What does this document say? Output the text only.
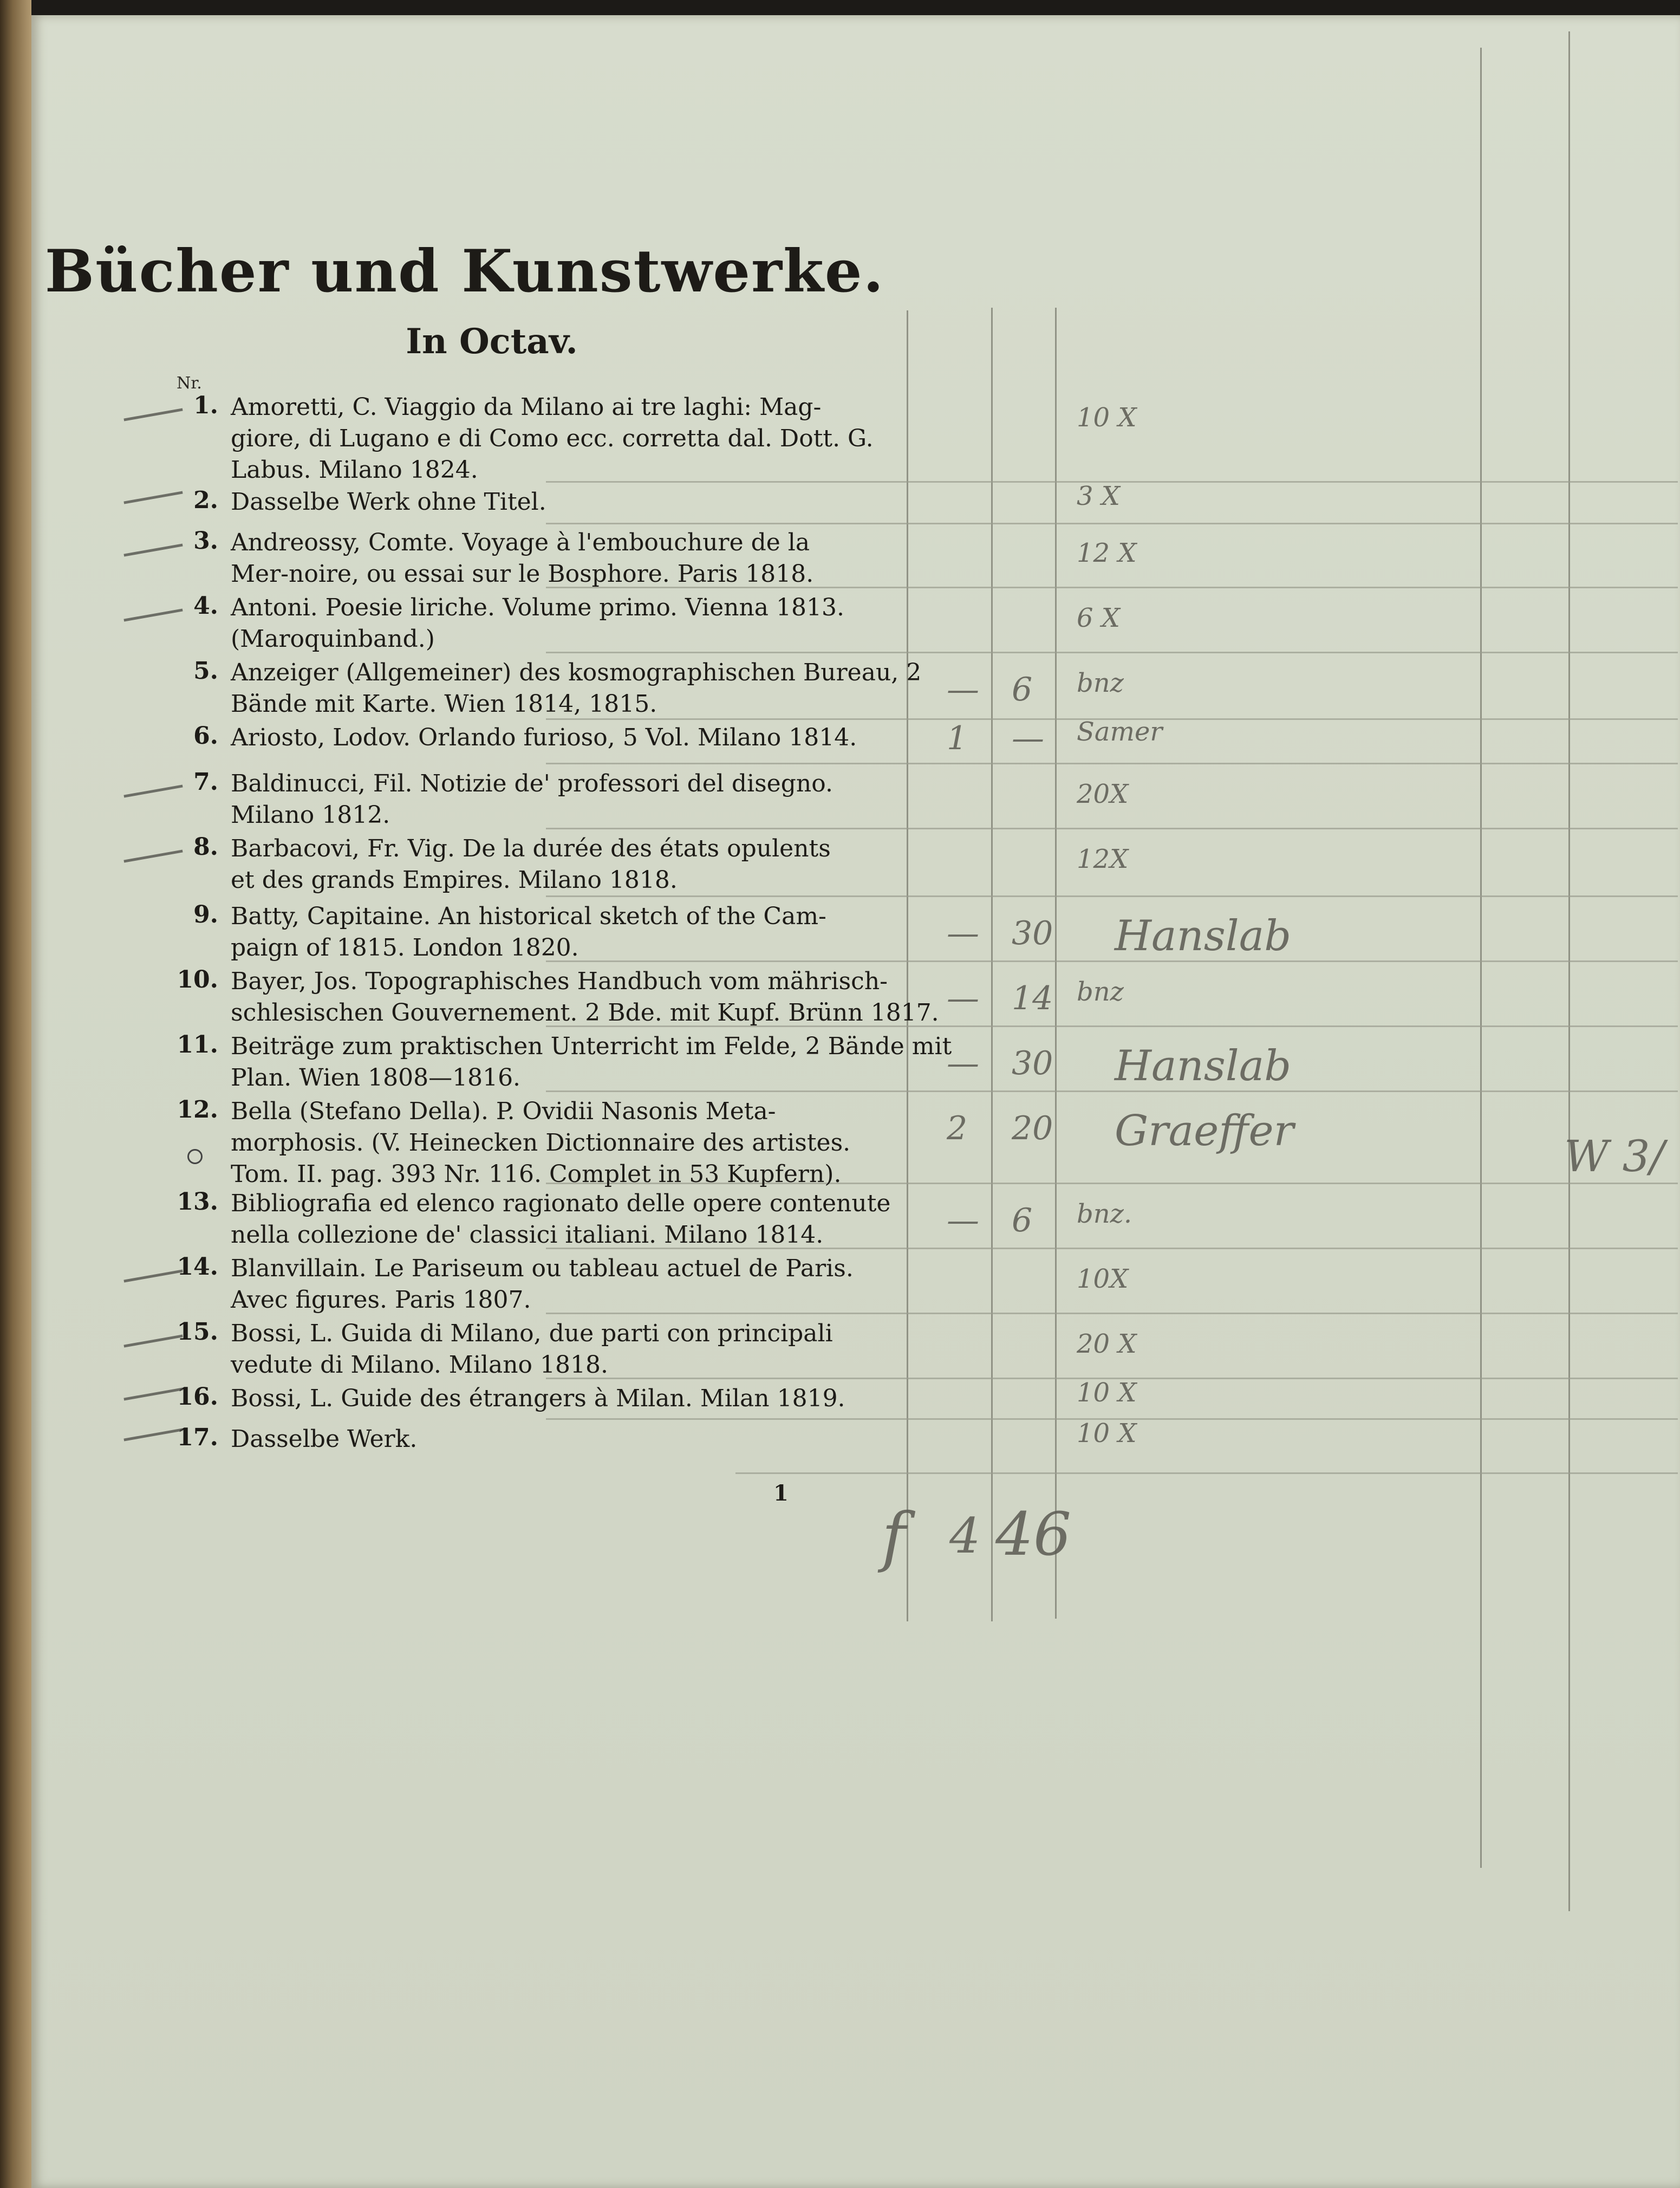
Bücher und Kunstwerke.
In Octav.
Nr.
1. Amoretti, C. Viaggio da Milano ai tre laghi: Mag-
giore, di Lugano e di Como ecc. corretta dal. Dott. G.
Labus. Milano 1824.
2. Dasselbe Werk ohne Titel.
3. Andreossy, Comte. Voyage à l'embouchure de la
Mer-noire, ou essai sur le Bosphore. Paris 1818.
4. Antoni. Poesie liriche. Volume primo. Vienna 1813.
(Maroquinband.)
5. Anzeiger (Allgemeiner) des kosmographischen Bureau, 2
Bände mit Karte. Wien 1814, 1815.
6. Ariosto, Lodov. Orlando furioso, 5 Vol. Milano 1814.
7. Baldinucci, Fil. Notizie de' professori del disegno.
Milano 1812.
8. Barbacovi, Fr. Vig. De la durée des états opulents
et des grands Empires. Milano 1818.
9. Batty, Capitaine. An historical sketch of the Cam-
paign of 1815. London 1820.
10. Bayer, Jos. Topographisches Handbuch vom mährisch-
schlesischen Gouvernement. 2 Bde. mit Kupf. Brünn 1817.
11. Beiträge zum praktischen Unterricht im Felde, 2 Bände mit
Plan. Wien 1808—1816.
12. Bella (Stefano Della). P. Ovidii Nasonis Meta-
morphosis. (V. Heinecken Dictionnaire des artistes.
Tom. II. pag. 393 Nr. 116. Complet in 53 Kupfern).
13. Bibliografia ed elenco ragionato delle opere contenute
nella collezione de' classici italiani. Milano 1814.
14. Blanvillain. Le Pariseum ou tableau actuel de Paris.
Avec figures. Paris 1807.
15. Bossi, L. Guida di Milano, due parti con principali
vedute di Milano. Milano 1818.
16. Bossi, L. Guide des étrangers à Milan. Milan 1819.
17. Dasselbe Werk.
1
f 4 46
W 3/
10 X
3 X
12 X
6 X
— 6 bnz
1 — Samer
20X
12X
— 30 Hanslab
— 14 bnz
— 30 Hanslab
2 20 Graeffer
— 6 bnz.
10X
20 X
10 X
10 X
